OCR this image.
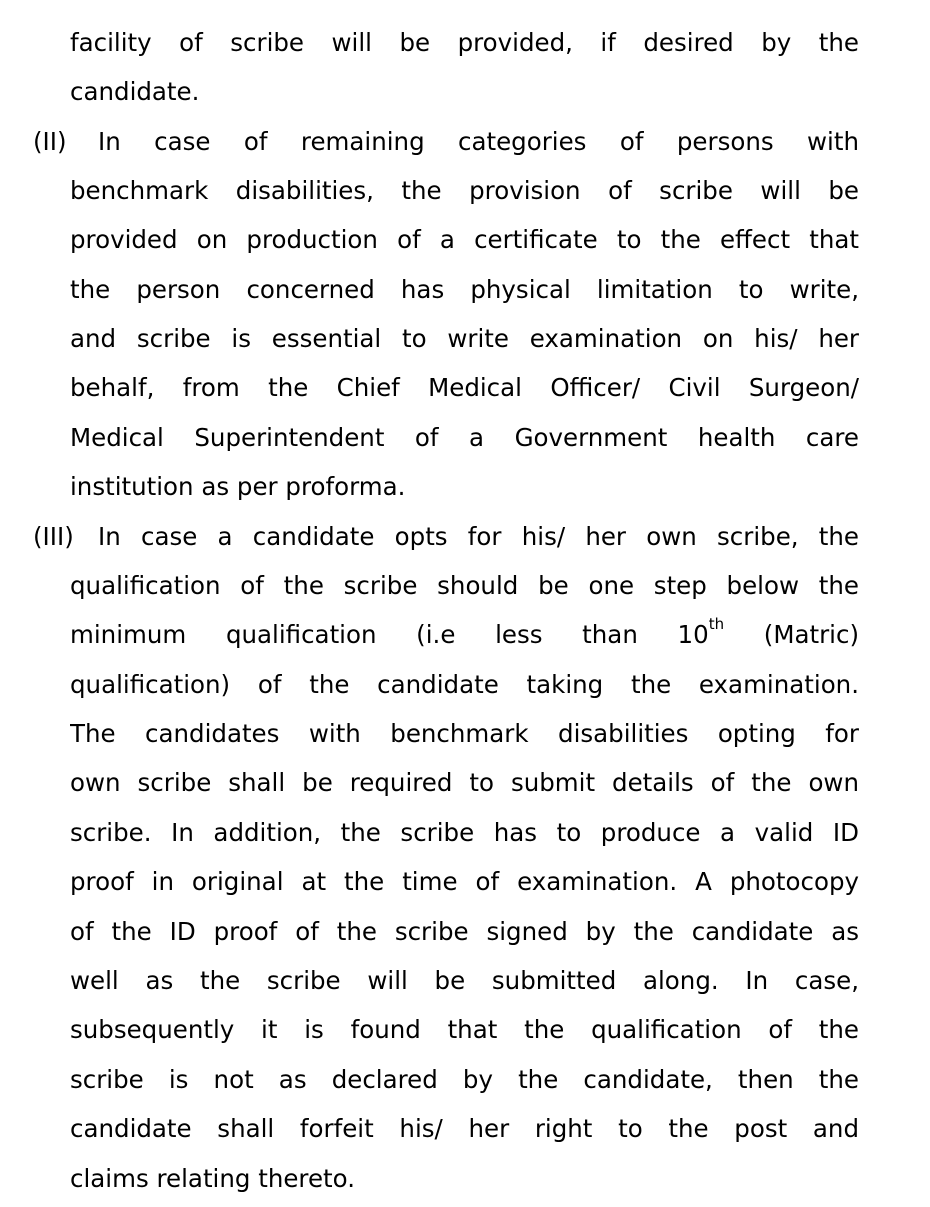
facility of scribe will be provided, if desired by the
candidate.
(II) In case of remaining categories of persons with
benchmark disabilities, the provision of scribe will be
provided on production of a certificate to the effect that
the person concerned has physical limitation to write,
and scribe is essential to write examination on his/ her
behalf, from the Chief Medical Officer/ Civil Surgeon/
Medical Superintendent of a Government health care
institution as per proforma.
(III) In case a candidate opts for his/ her own scribe, the
qualification of the scribe should be one step below the
minimum qualification (i.e less than 10th (Matric)
qualification) of the candidate taking the examination.
The candidates with benchmark disabilities opting for
own scribe shall be required to submit details of the own
scribe. In addition, the scribe has to produce a valid ID
proof in original at the time of examination. A photocopy
of the ID proof of the scribe signed by the candidate as
well as the scribe will be submitted along. In case,
subsequently it is found that the qualification of the
scribe is not as declared by the candidate, then the
candidate shall forfeit his/ her right to the post and
claims relating thereto.
